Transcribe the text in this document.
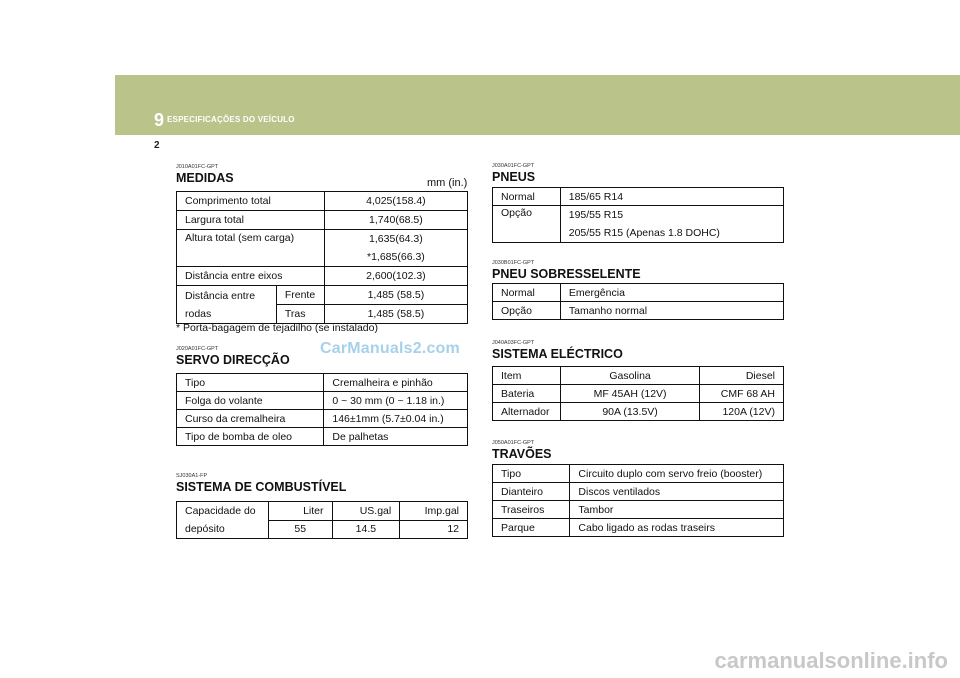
9 ESPECIFICAÇÕES DO VEÍCULO
2
J010A01FC-GPT
MEDIDAS	mm (in.)
Comprimento total		4,025(158.4)
Largura total		1,740(68.5)
Altura total (sem carga)		1,635(64.3)
*1,685(66.3)

Distância entre eixos		2,600(102.3)

Distância entre
rodas	Frente	1,485 (58.5)
	Tras	1,485 (58.5)
* Porta-bagagem de tejadilho (se instalado)
J020A01FC-GPT
SERVO DIRECÇÃO
Tipo	Cremalheira e pinhão
Folga do volante	0 ~ 30 mm (0 ~ 1.18 in.)
Curso da cremalheira	146±1mm (5.7±0.04 in.)
Tipo de bomba de oleo	De palhetas
CarManuals2.com
SJ030A1-FP
SISTEMA DE COMBUSTÍVEL
Capacidade do
depósito	Liter	US.gal	Imp.gal
	55	14.5	12
J030A01FC-GPT
PNEUS
Normal	185/65 R14
Opção	195/55 R15
205/55 R15 (Apenas 1.8 DOHC)
J030B01FC-GPT
PNEU SOBRESSELENTE
Normal	Emergência
Opção	Tamanho normal
J040A03FC-GPT
SISTEMA ELÉCTRICO
Item	Gasolina	Diesel
Bateria	MF 45AH (12V)	CMF 68 AH
Alternador	90A (13.5V)	120A (12V)
J050A01FC-GPT
TRAVÕES
Tipo	Circuito duplo com servo freio (booster)
Dianteiro	Discos ventilados
Traseiros	Tambor
Parque	Cabo ligado as rodas traseirs
carmanualsonline.info
